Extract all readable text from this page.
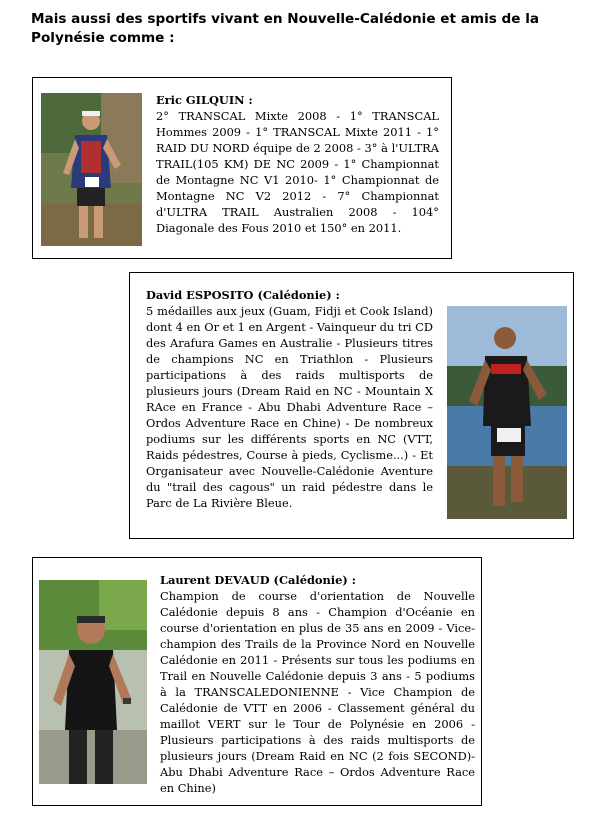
Mais aussi des sportifs vivant en Nouvelle-Calédonie et amis de la Polynésie comme :
Eric GILQUIN :
2° TRANSCAL Mixte 2008 - 1° TRANSCAL Hommes 2009 - 1° TRANSCAL Mixte 2011 - 1° RAID DU NORD équipe de 2 2008 - 3° à l'ULTRA TRAIL(105 KM) DE NC 2009 - 1° Championnat de Montagne NC V1 2010- 1° Championnat de Montagne NC V2 2012 - 7° Championnat d'ULTRA TRAIL Australien 2008 - 104° Diagonale des Fous 2010 et 150° en 2011.
David ESPOSITO (Calédonie) :
5 médailles aux jeux (Guam, Fidji et Cook Island) dont 4 en Or et 1 en Argent - Vainqueur du tri CD des Arafura Games en Australie - Plusieurs titres de champions NC en Triathlon - Plusieurs participations à des raids multisports de plusieurs jours (Dream Raid en NC - Mountain X RAce en France - Abu Dhabi Adventure Race – Ordos Adventure Race en Chine) - De nombreux podiums sur les différents sports en NC (VTT, Raids pédestres, Course à pieds, Cyclisme...) - Et Organisateur avec Nouvelle-Calédonie Aventure du "trail des cagous" un raid pédestre dans le Parc de La Rivière Bleue.
Laurent DEVAUD (Calédonie) :
Champion de course d'orientation de Nouvelle Calédonie depuis 8 ans - Champion d'Océanie en course d'orientation en plus de 35 ans en 2009 - Vice-champion des Trails de la Province Nord en Nouvelle Calédonie en 2011 - Présents sur tous les podiums en Trail en Nouvelle Calédonie depuis 3 ans - 5 podiums à la TRANSCALEDONIENNE - Vice Champion de Calédonie de VTT en 2006 - Classement général du maillot VERT sur le Tour de Polynésie en 2006 - Plusieurs participations à des raids multisports de plusieurs jours (Dream Raid en NC (2 fois SECOND)- Abu Dhabi Adventure Race – Ordos Adventure Race en Chine)
